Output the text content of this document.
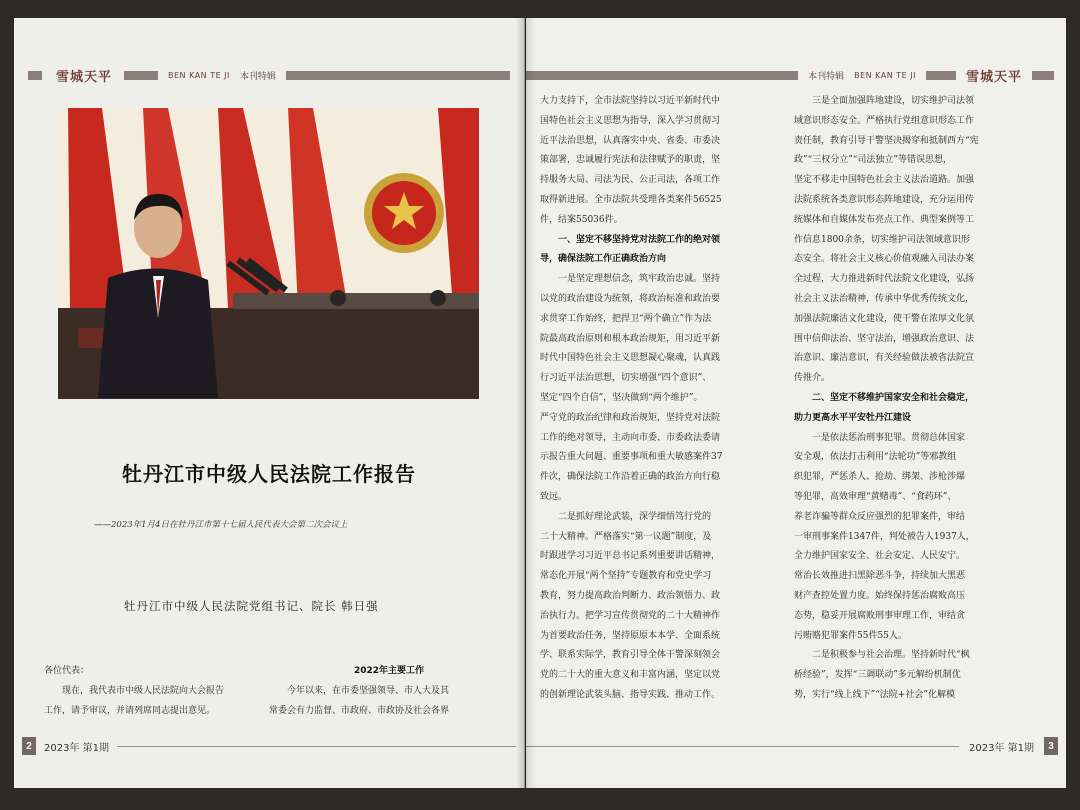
雪城天平	BEN KAN TE JI 本刊特辑
牡丹江市中级人民法院工作报告
——2023年1月4日在牡丹江市第十七届人民代表大会第二次会议上
牡丹江市中级人民法院党组书记、院长 韩日强
各位代表：
　　现在，我代表市中级人民法院向大会报告
工作，请予审议，并请列席同志提出意见。
2022年主要工作
　　今年以来，在市委坚强领导、市人大及其
常委会有力监督、市政府、市政协及社会各界
2	2023年 第1期
本刊特辑 BEN KAN TE JI	雪城天平
大力支持下，全市法院坚持以习近平新时代中
国特色社会主义思想为指导，深入学习贯彻习
近平法治思想，认真落实中央、省委、市委决
策部署，忠诚履行宪法和法律赋予的职责，坚
持服务大局、司法为民、公正司法，各项工作
取得新进展。全市法院共受理各类案件56525
件，结案55036件。
　　一、坚定不移坚持党对法院工作的绝对领
导，确保法院工作正确政治方向
　　一是坚定理想信念，筑牢政治忠诚。坚持
以党的政治建设为统领，将政治标准和政治要
求贯穿工作始终，把捍卫“两个确立”作为法
院最高政治原则和根本政治规矩，用习近平新
时代中国特色社会主义思想凝心聚魂，认真践
行习近平法治思想，切实增强“四个意识”、
坚定“四个自信”，坚决做到“两个维护”。
严守党的政治纪律和政治规矩，坚持党对法院
工作的绝对领导，主动向市委、市委政法委请
示报告重大问题、重要事项和重大敏感案件37
件次，确保法院工作沿着正确的政治方向行稳
致远。
　　二是抓好理论武装，深学细悟笃行党的
二十大精神。严格落实“第一议题”制度，及
时跟进学习习近平总书记系列重要讲话精神，
常态化开展“两个坚持”专题教育和党史学习
教育，努力提高政治判断力、政治领悟力、政
治执行力。把学习宣传贯彻党的二十大精神作
为首要政治任务，坚持原原本本学、全面系统
学、联系实际学，教育引导全体干警深刻领会
党的二十大的重大意义和丰富内涵，坚定以党
的创新理论武装头脑、指导实践、推动工作。
　　三是全面加强阵地建设，切实维护司法领
域意识形态安全。严格执行党组意识形态工作
责任制，教育引导干警坚决揭穿和抵制西方“宪
政”“三权分立”“司法独立”等错误思想，
坚定不移走中国特色社会主义法治道路。加强
法院系统各类意识形态阵地建设，充分运用传
统媒体和自媒体发布亮点工作、典型案例等工
作信息1800余条，切实维护司法领域意识形
态安全。将社会主义核心价值观融入司法办案
全过程，大力推进新时代法院文化建设，弘扬
社会主义法治精神，传承中华优秀传统文化，
加强法院廉洁文化建设，使干警在浓厚文化氛
围中信仰法治、坚守法治，增强政治意识、法
治意识、廉洁意识，有关经验做法被省法院宣
传推介。
　　二、坚定不移维护国家安全和社会稳定，
助力更高水平平安牡丹江建设
　　一是依法惩治刑事犯罪。贯彻总体国家
安全观，依法打击利用“法轮功”等邪教组
织犯罪，严惩杀人、抢劫、绑架、涉枪涉爆
等犯罪，高效审理“黄赌毒”、“食药环”、
养老诈骗等群众反应强烈的犯罪案件，审结
一审刑事案件1347件，判处被告人1937人，
全力维护国家安全、社会安定、人民安宁。
常治长效推进扫黑除恶斗争，持续加大黑恶
财产查控处置力度。始终保持惩治腐败高压
态势，稳妥开展腐败刑事审理工作，审结贪
污贿赂犯罪案件55件55人。
　　二是积极参与社会治理。坚持新时代“枫
桥经验”，发挥“三调联动”多元解纷机制优
势，实行“线上线下”“法院+社会”化解模
2023年 第1期	3
